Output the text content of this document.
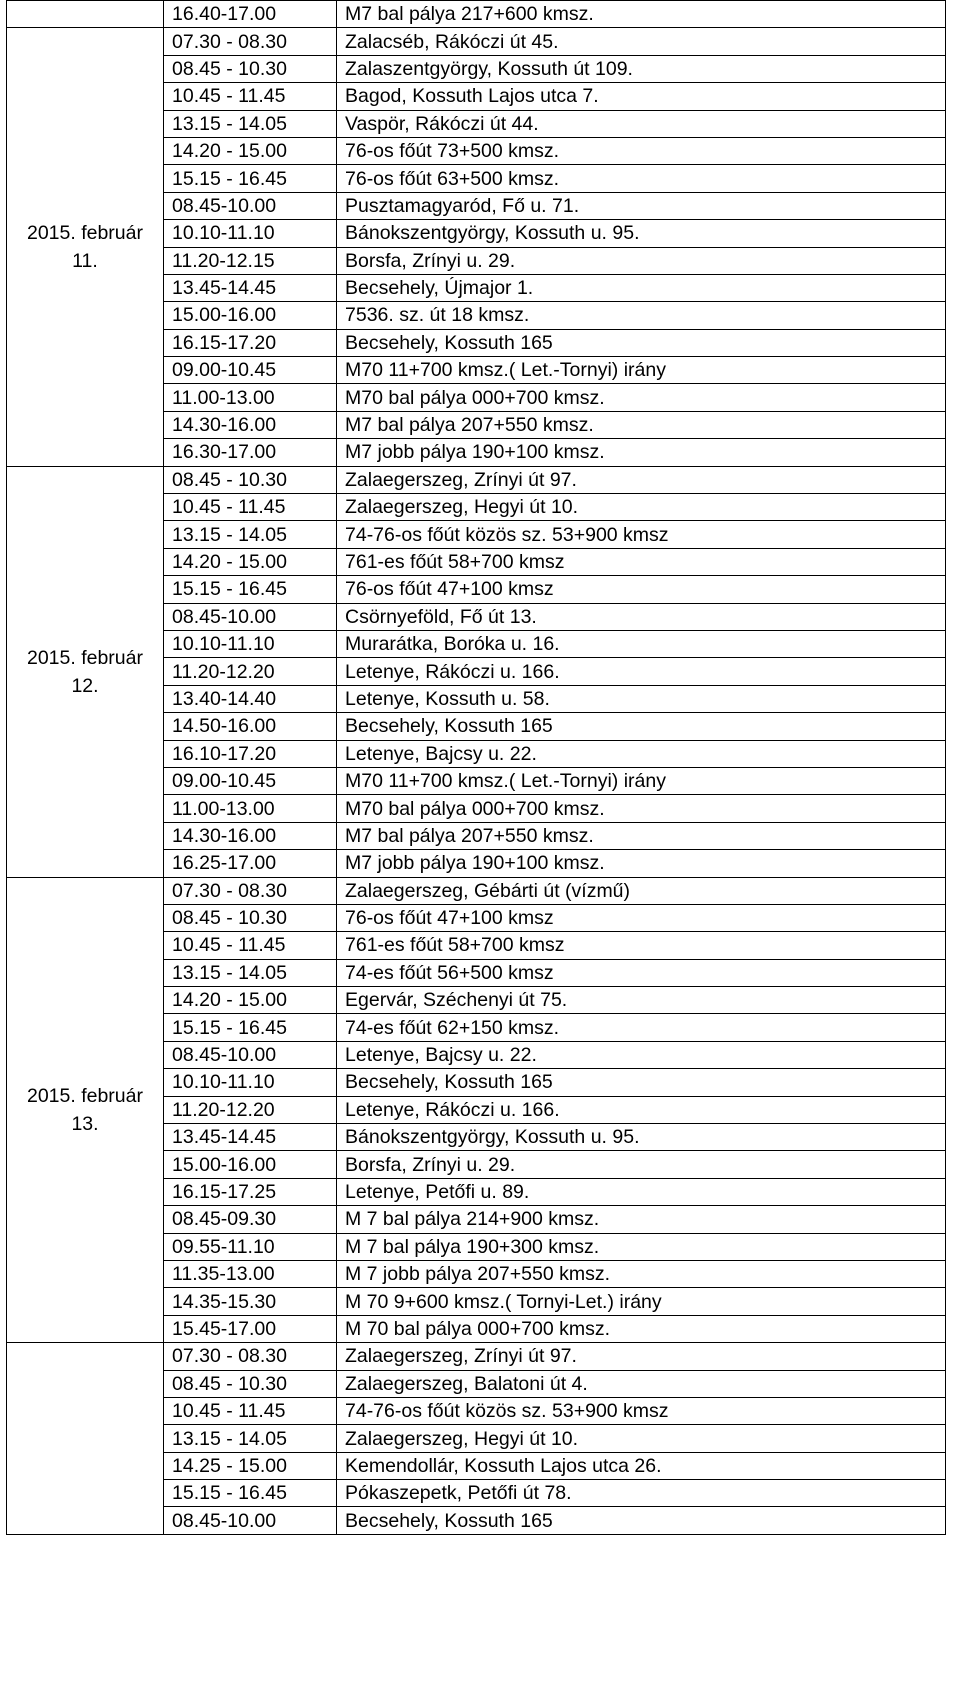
	16.40-17.00	M7 bal pálya 217+600 kmsz.

2015. február
11.	07.30 - 08.30	Zalacséb, Rákóczi út 45.
	08.45 - 10.30	Zalaszentgyörgy, Kossuth út 109.
	10.45 - 11.45	Bagod, Kossuth Lajos utca 7.
	13.15 - 14.05	Vaspör, Rákóczi út 44.
	14.20 - 15.00	76-os főút 73+500 kmsz.
	15.15 - 16.45	76-os főút 63+500 kmsz.
	08.45-10.00	Pusztamagyaród, Fő u. 71.
	10.10-11.10	Bánokszentgyörgy, Kossuth u. 95.
	11.20-12.15	Borsfa, Zrínyi u. 29.
	13.45-14.45	Becsehely, Újmajor 1.
	15.00-16.00	7536. sz. út 18 kmsz.
	16.15-17.20	Becsehely, Kossuth 165
	09.00-10.45	M70 11+700 kmsz.( Let.-Tornyi) irány
	11.00-13.00	M70 bal pálya 000+700 kmsz.
	14.30-16.00	M7 bal pálya 207+550 kmsz.
	16.30-17.00	M7 jobb pálya 190+100 kmsz.

2015. február
12.	08.45 - 10.30	Zalaegerszeg, Zrínyi út 97.
	10.45 - 11.45	Zalaegerszeg, Hegyi út 10.
	13.15 - 14.05	74-76-os főút közös sz. 53+900 kmsz
	14.20 - 15.00	761-es főút 58+700 kmsz
	15.15 - 16.45	76-os főút 47+100 kmsz
	08.45-10.00	Csörnyeföld, Fő út 13.
	10.10-11.10	Murarátka, Boróka u. 16.
	11.20-12.20	Letenye, Rákóczi u. 166.
	13.40-14.40	Letenye, Kossuth u. 58.
	14.50-16.00	Becsehely, Kossuth 165
	16.10-17.20	Letenye, Bajcsy u. 22.
	09.00-10.45	M70 11+700 kmsz.( Let.-Tornyi) irány
	11.00-13.00	M70 bal pálya 000+700 kmsz.
	14.30-16.00	M7 bal pálya 207+550 kmsz.
	16.25-17.00	M7 jobb pálya 190+100 kmsz.

2015. február
13.	07.30 - 08.30	Zalaegerszeg, Gébárti út (vízmű)
	08.45 - 10.30	76-os főút 47+100 kmsz
	10.45 - 11.45	761-es főút 58+700 kmsz
	13.15 - 14.05	74-es főút 56+500 kmsz
	14.20 - 15.00	Egervár, Széchenyi út 75.
	15.15 - 16.45	74-es főút 62+150 kmsz.
	08.45-10.00	Letenye, Bajcsy u. 22.
	10.10-11.10	Becsehely, Kossuth 165
	11.20-12.20	Letenye, Rákóczi u. 166.
	13.45-14.45	Bánokszentgyörgy, Kossuth u. 95.
	15.00-16.00	Borsfa, Zrínyi u. 29.
	16.15-17.25	Letenye, Petőfi u. 89.
	08.45-09.30	M 7 bal pálya 214+900 kmsz.
	09.55-11.10	M 7 bal pálya 190+300 kmsz.
	11.35-13.00	M 7 jobb pálya 207+550 kmsz.
	14.35-15.30	M 70 9+600 kmsz.( Tornyi-Let.) irány
	15.45-17.00	M 70 bal pálya 000+700 kmsz.

	07.30 - 08.30	Zalaegerszeg, Zrínyi út 97.
	08.45 - 10.30	Zalaegerszeg, Balatoni út 4.
	10.45 - 11.45	74-76-os főút közös sz. 53+900 kmsz
	13.15 - 14.05	Zalaegerszeg, Hegyi út 10.
	14.25 - 15.00	Kemendollár, Kossuth Lajos utca 26.
	15.15 - 16.45	Pókaszepetk, Petőfi út 78.
	08.45-10.00	Becsehely, Kossuth 165
